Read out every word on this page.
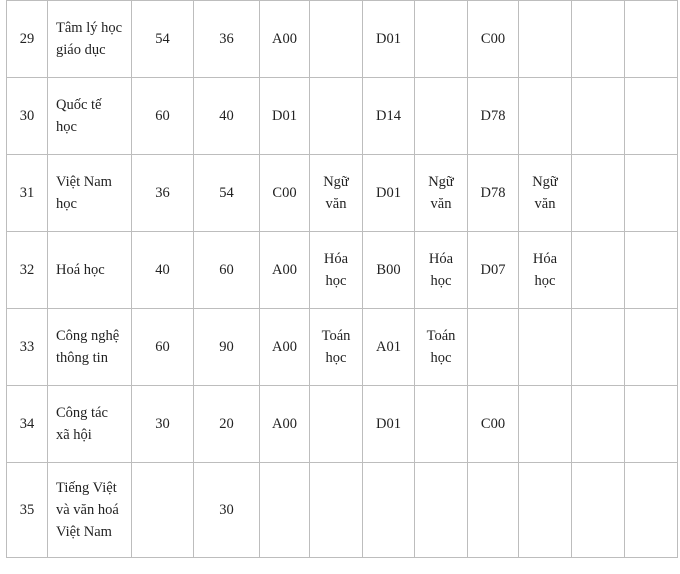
29	Tâm lý học giáo dục	54	36	A00		D01		C00			
30	Quốc tế học	60	40	D01		D14		D78			
31	Việt Nam học	36	54	C00	Ngữ văn	D01	Ngữ văn	D78	Ngữ văn		
32	Hoá học	40	60	A00	Hóa học	B00	Hóa học	D07	Hóa học		
33	Công nghệ thông tin	60	90	A00	Toán học	A01	Toán học				
34	Công tác xã hội	30	20	A00		D01		C00			
35	Tiếng Việt và văn hoá Việt Nam		30								
